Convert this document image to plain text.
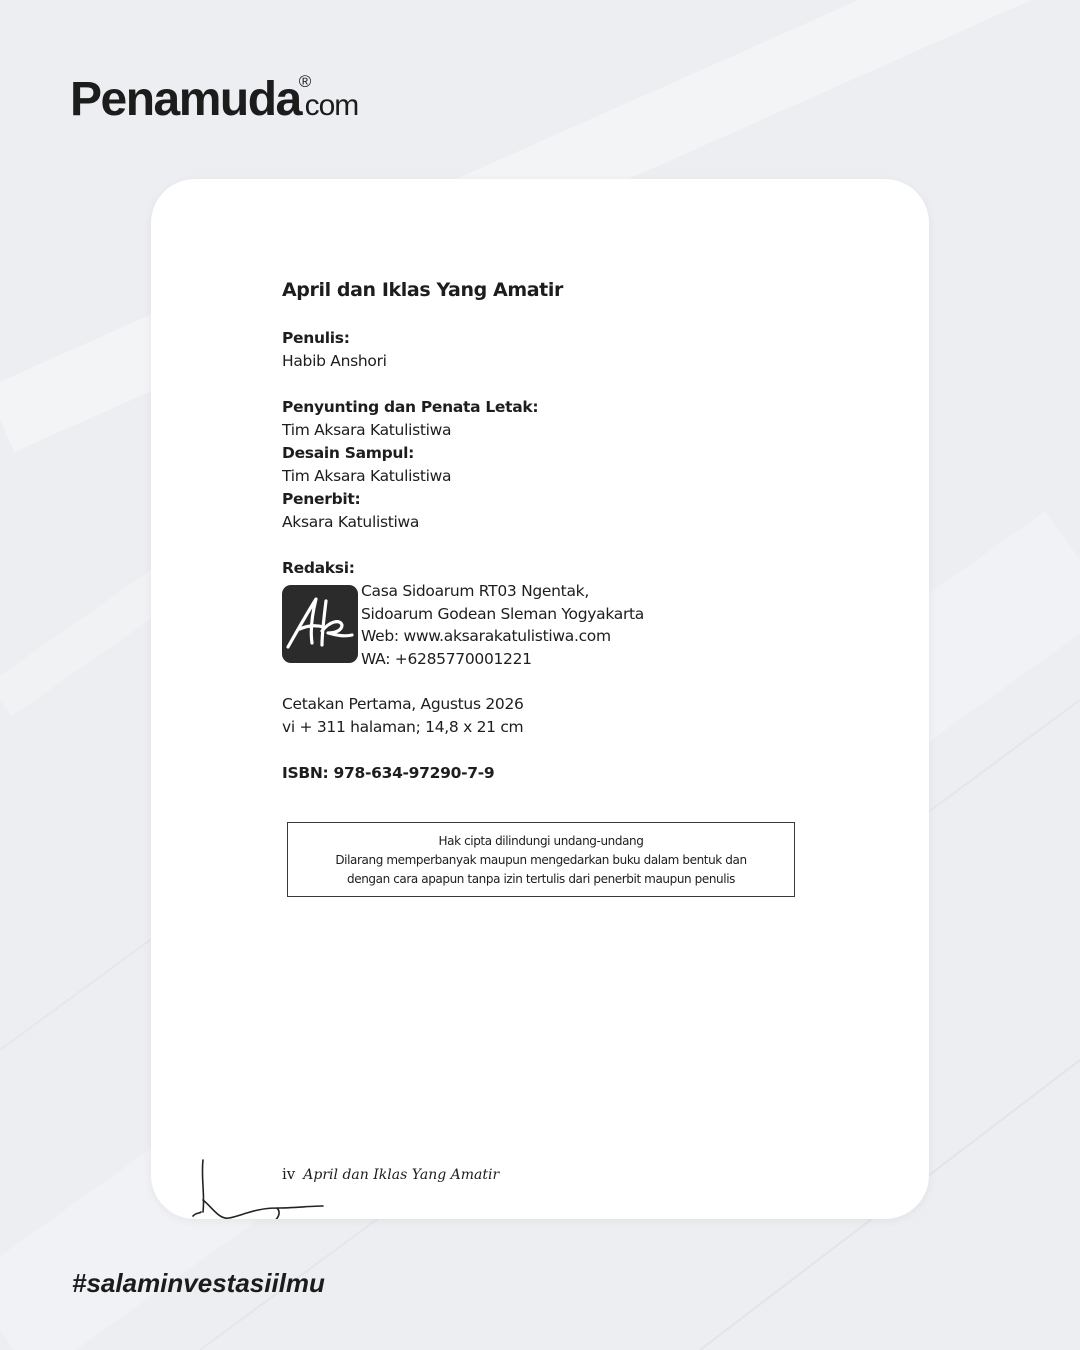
Penamuda®.com
April dan Iklas Yang Amatir
Penulis:
Habib Anshori
Penyunting dan Penata Letak:
Tim Aksara Katulistiwa
Desain Sampul:
Tim Aksara Katulistiwa
Penerbit:
Aksara Katulistiwa
Redaksi:
Casa Sidoarum RT03 Ngentak,
Sidoarum Godean Sleman Yogyakarta
Web: www.aksarakatulistiwa.com
WA: +6285770001221
Cetakan Pertama, Agustus 2026
vi + 311 halaman; 14,8 x 21 cm
ISBN: 978-634-97290-7-9
Hak cipta dilindungi undang-undang
Dilarang memperbanyak maupun mengedarkan buku dalam bentuk dan
dengan cara apapun tanpa izin tertulis dari penerbit maupun penulis
iv April dan Iklas Yang Amatir
#salaminvestasiilmu
